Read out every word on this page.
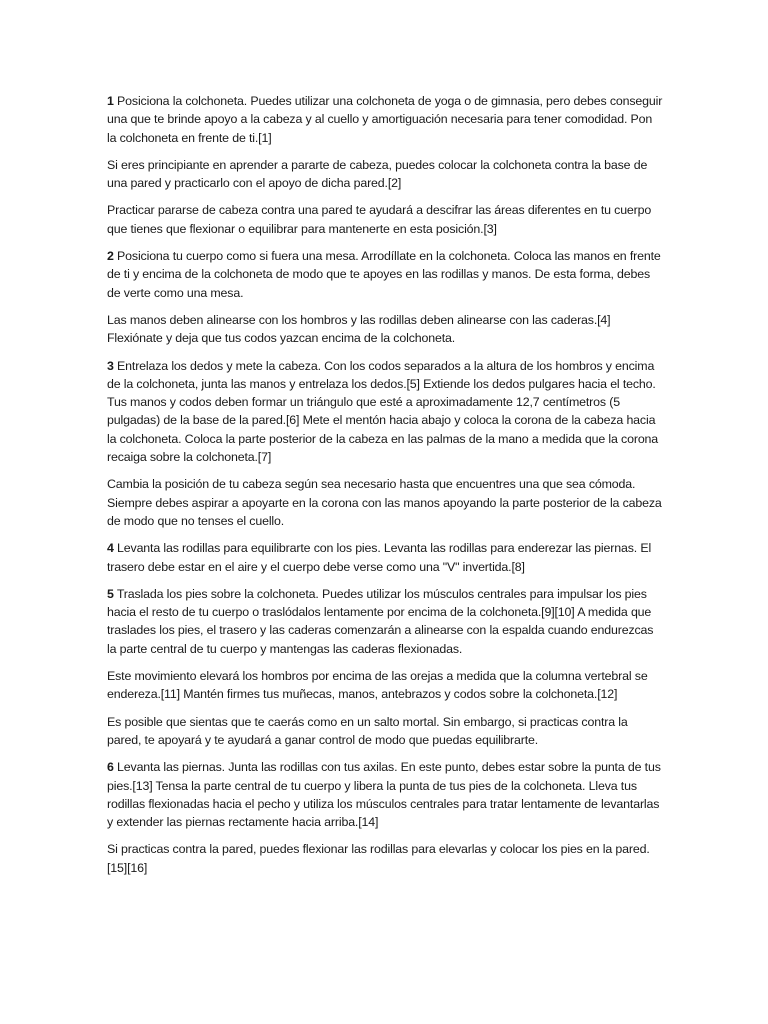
1 Posiciona la colchoneta. Puedes utilizar una colchoneta de yoga o de gimnasia, pero debes conseguir una que te brinde apoyo a la cabeza y al cuello y amortiguación necesaria para tener comodidad. Pon la colchoneta en frente de ti.[1]

Si eres principiante en aprender a pararte de cabeza, puedes colocar la colchoneta contra la base de una pared y practicarlo con el apoyo de dicha pared.[2]

Practicar pararse de cabeza contra una pared te ayudará a descifrar las áreas diferentes en tu cuerpo que tienes que flexionar o equilibrar para mantenerte en esta posición.[3]

2 Posiciona tu cuerpo como si fuera una mesa. Arrodíllate en la colchoneta. Coloca las manos en frente de ti y encima de la colchoneta de modo que te apoyes en las rodillas y manos. De esta forma, debes de verte como una mesa.

Las manos deben alinearse con los hombros y las rodillas deben alinearse con las caderas.[4] Flexiónate y deja que tus codos yazcan encima de la colchoneta.

3 Entrelaza los dedos y mete la cabeza. Con los codos separados a la altura de los hombros y encima de la colchoneta, junta las manos y entrelaza los dedos.[5] Extiende los dedos pulgares hacia el techo. Tus manos y codos deben formar un triángulo que esté a aproximadamente 12,7 centímetros (5 pulgadas) de la base de la pared.[6] Mete el mentón hacia abajo y coloca la corona de la cabeza hacia la colchoneta. Coloca la parte posterior de la cabeza en las palmas de la mano a medida que la corona recaiga sobre la colchoneta.[7]

Cambia la posición de tu cabeza según sea necesario hasta que encuentres una que sea cómoda. Siempre debes aspirar a apoyarte en la corona con las manos apoyando la parte posterior de la cabeza de modo que no tenses el cuello.

4 Levanta las rodillas para equilibrarte con los pies. Levanta las rodillas para enderezar las piernas. El trasero debe estar en el aire y el cuerpo debe verse como una "V" invertida.[8]

5 Traslada los pies sobre la colchoneta. Puedes utilizar los músculos centrales para impulsar los pies hacia el resto de tu cuerpo o traslódalos lentamente por encima de la colchoneta.[9][10] A medida que traslades los pies, el trasero y las caderas comenzarán a alinearse con la espalda cuando endurezcas la parte central de tu cuerpo y mantengas las caderas flexionadas.

Este movimiento elevará los hombros por encima de las orejas a medida que la columna vertebral se endereza.[11] Mantén firmes tus muñecas, manos, antebrazos y codos sobre la colchoneta.[12]

Es posible que sientas que te caerás como en un salto mortal. Sin embargo, si practicas contra la pared, te apoyará y te ayudará a ganar control de modo que puedas equilibrarte.

6 Levanta las piernas. Junta las rodillas con tus axilas. En este punto, debes estar sobre la punta de tus pies.[13] Tensa la parte central de tu cuerpo y libera la punta de tus pies de la colchoneta. Lleva tus rodillas flexionadas hacia el pecho y utiliza los músculos centrales para tratar lentamente de levantarlas y extender las piernas rectamente hacia arriba.[14]

Si practicas contra la pared, puedes flexionar las rodillas para elevarlas y colocar los pies en la pared.[15][16]
